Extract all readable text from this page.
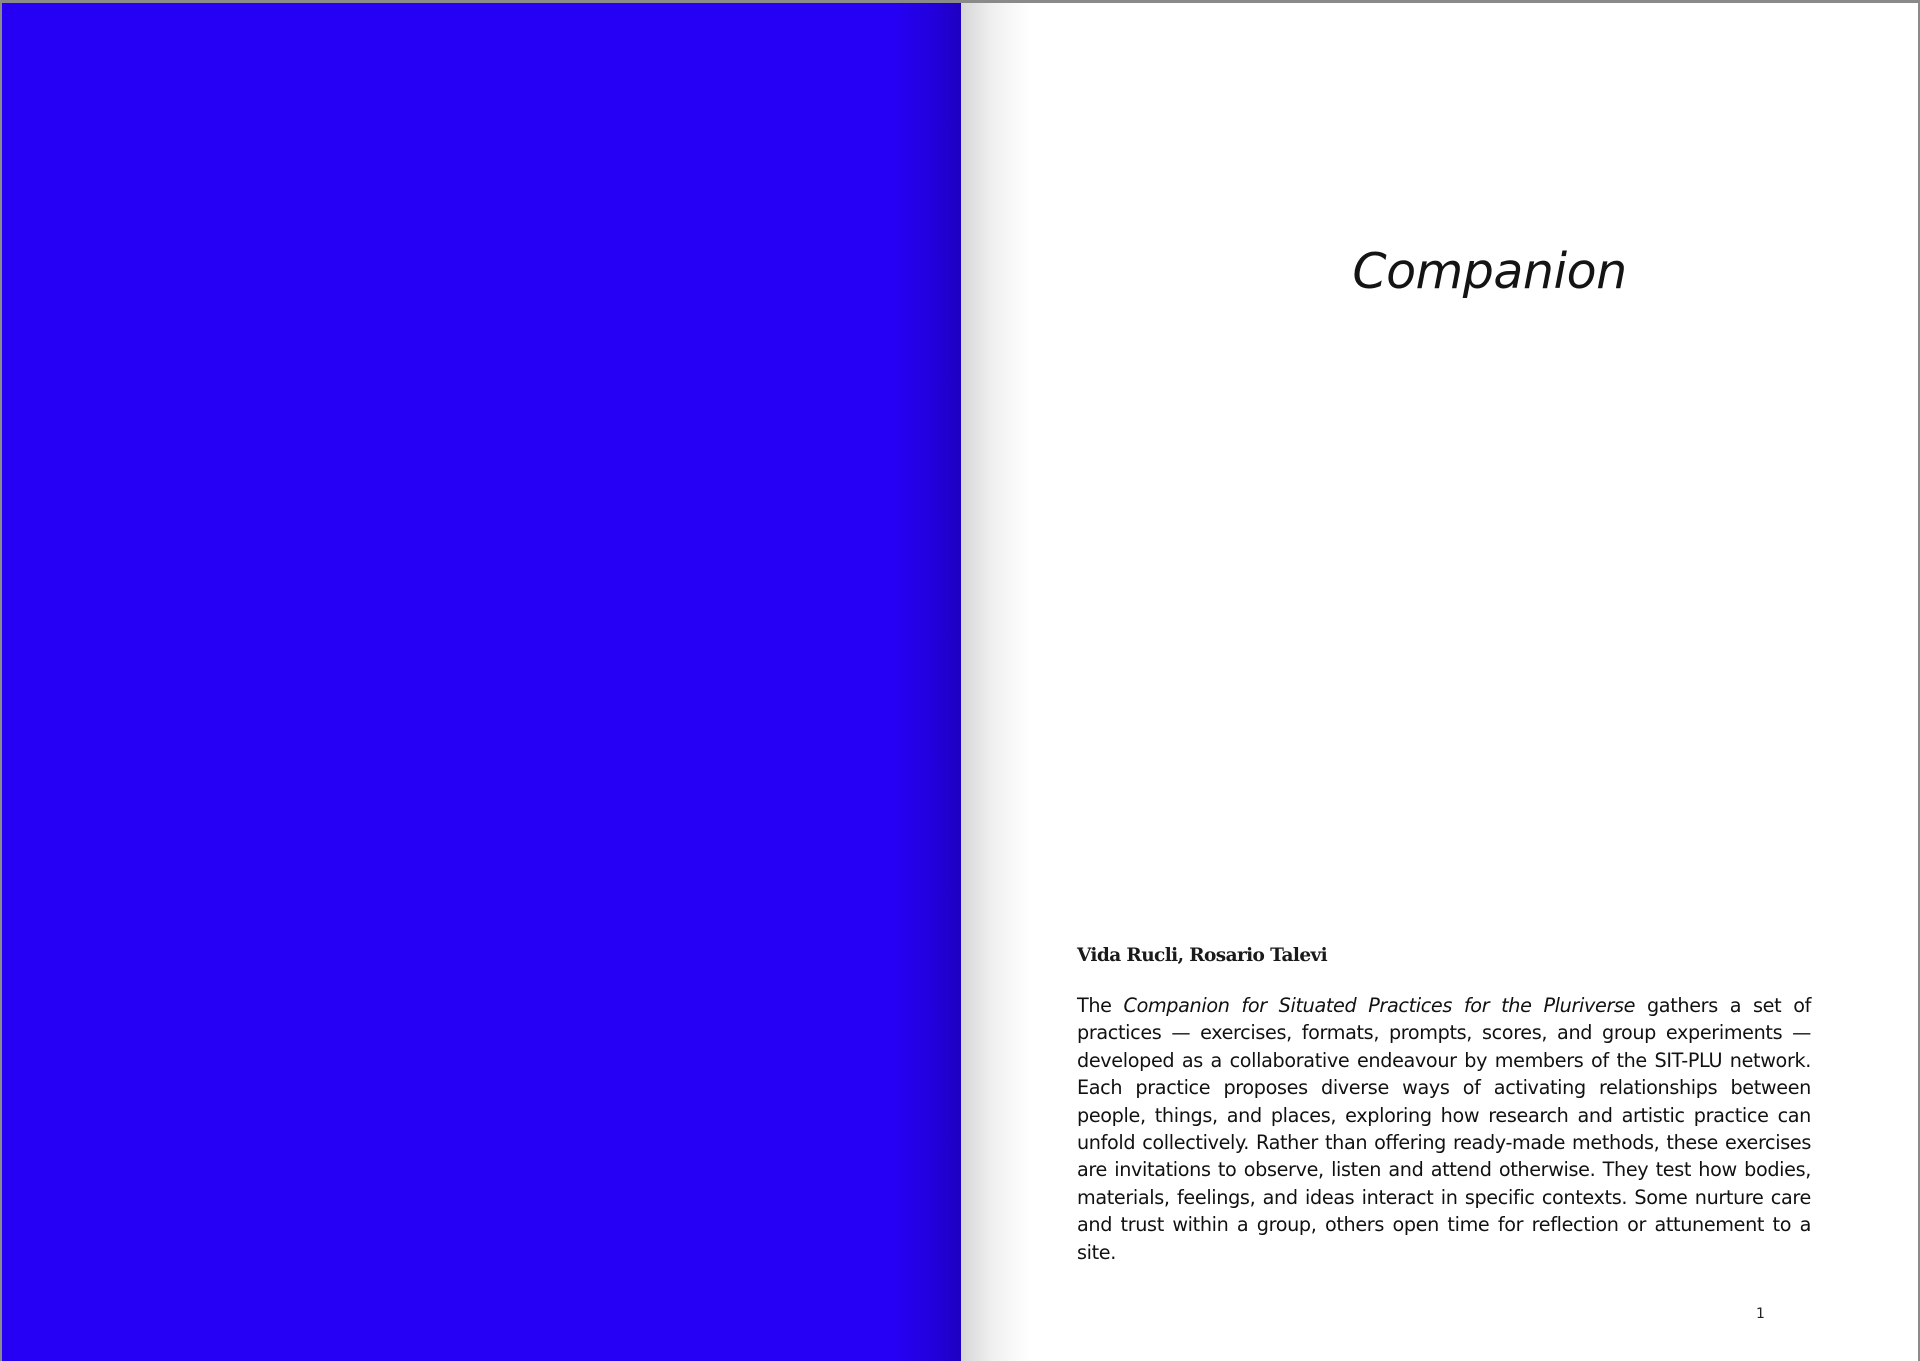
Companion

Vida Rucli, Rosario Talevi

The Companion for Situated Practices for the Pluriverse gathers a set of practices — exercises, formats, prompts, scores, and group experiments — developed as a collaborative endeavour by members of the SIT-PLU network. Each practice proposes diverse ways of activating relationships between people, things, and places, exploring how research and artistic practice can unfold collectively. Rather than offering ready-made methods, these exercises are invitations to observe, listen and attend otherwise. They test how bodies, materials, feelings, and ideas interact in specific contexts. Some nurture care and trust within a group, others open time for reflection or attunement to a site.

1
